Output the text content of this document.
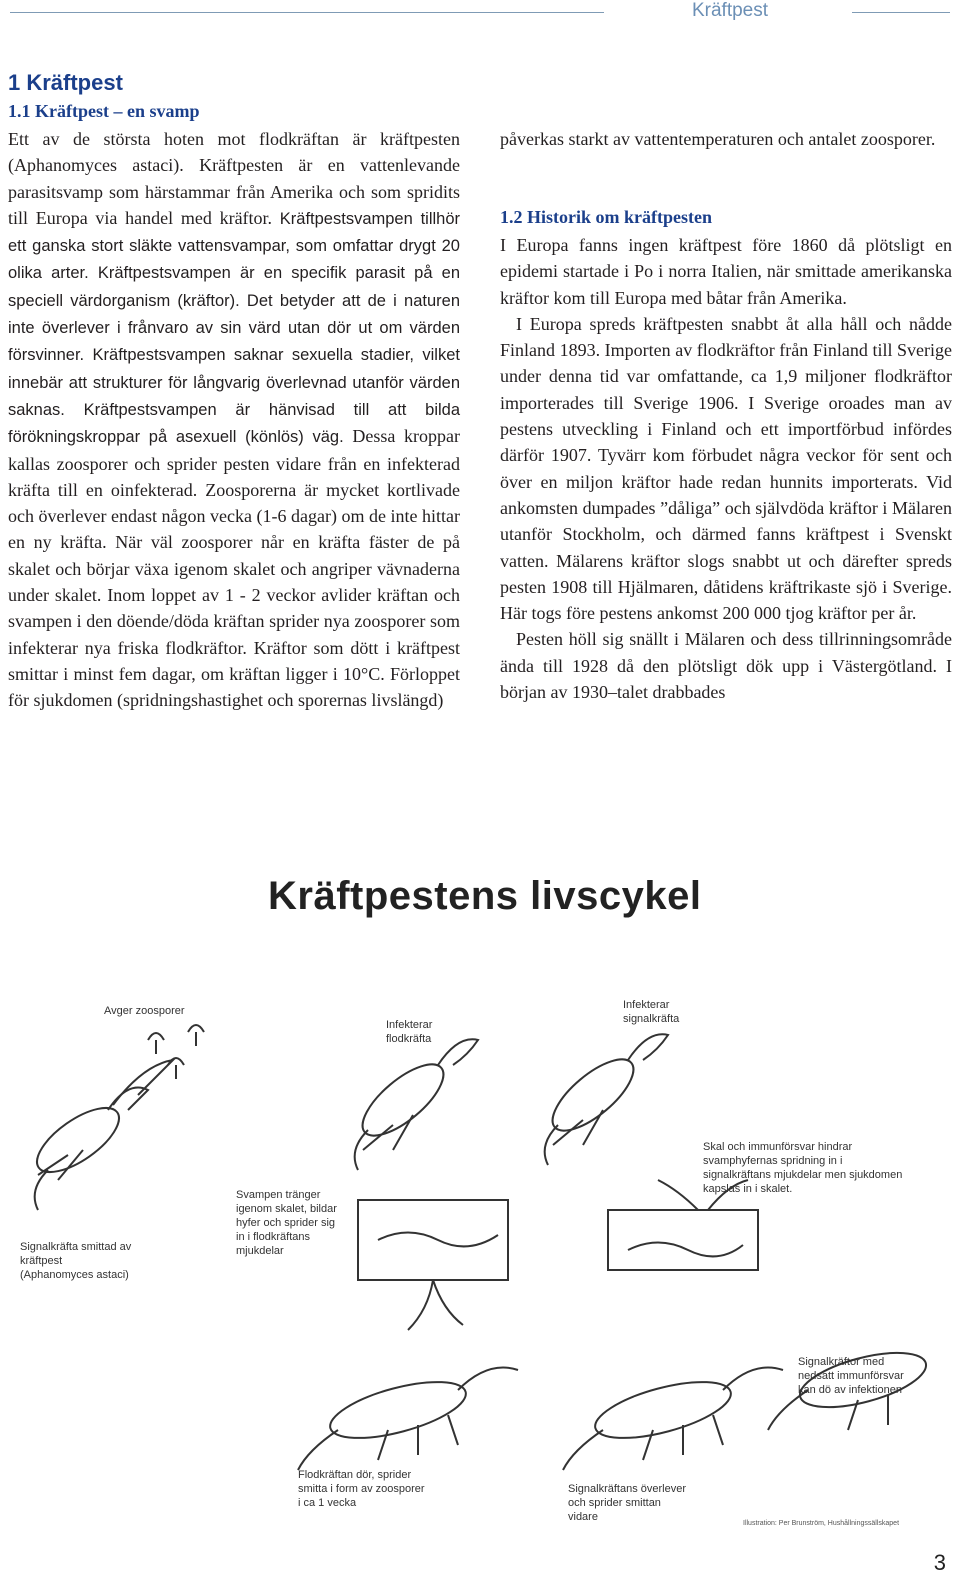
Kräftpest
1 Kräftpest
1.1 Kräftpest – en svamp

Ett av de största hoten mot flodkräftan är kräftpesten (Aphanomyces astaci). Kräftpesten är en vattenlevande parasitsvamp som härstammar från Amerika och som spridits till Europa via handel med kräftor. Kräftpestsvampen tillhör ett ganska stort släkte vattensvampar, som omfattar drygt 20 olika arter. Kräftpestsvampen är en specifik parasit på en speciell värdorganism (kräftor). Det betyder att de i naturen inte överlever i frånvaro av sin värd utan dör ut om värden försvinner. Kräftpestsvampen saknar sexuella stadier, vilket innebär att strukturer för långvarig överlevnad utanför värden saknas. Kräftpestsvampen är hänvisad till att bilda förökningskroppar på asexuell (könlös) väg. Dessa kroppar kallas zoosporer och sprider pesten vidare från en infekterad kräfta till en oinfekterad. Zoosporerna är mycket kortlivade och överlever endast någon vecka (1-6 dagar) om de inte hittar en ny kräfta. När väl zoosporer når en kräfta fäster de på skalet och börjar växa igenom skalet och angriper vävnaderna under skalet. Inom loppet av 1 - 2 veckor avlider kräftan och svampen i den döende/döda kräftan sprider nya zoosporer som infekterar nya friska flodkräftor. Kräftor som dött i kräftpest smittar i minst fem dagar, om kräftan ligger i 10°C. Förloppet för sjukdomen (spridningshastighet och sporernas livslängd)

påverkas starkt av vattentemperaturen och antalet zoosporer.

1.2 Historik om kräftpesten

I Europa fanns ingen kräftpest före 1860 då plötsligt en epidemi startade i Po i norra Italien, när smittade amerikanska kräftor kom till Europa med båtar från Amerika.
I Europa spreds kräftpesten snabbt åt alla håll och nådde Finland 1893. Importen av flodkräftor från Finland till Sverige under denna tid var omfattande, ca 1,9 miljoner flodkräftor importerades till Sverige 1906. I Sverige oroades man av pestens utveckling i Finland och ett importförbud infördes därför 1907. Tyvärr kom förbudet några veckor för sent och över en miljon kräftor hade redan hunnits importerats. Vid ankomsten dumpades ”dåliga” och självdöda kräftor i Mälaren utanför Stockholm, och därmed fanns kräftpest i Svenskt vatten. Mälarens kräftor slogs snabbt ut och därefter spreds pesten 1908 till Hjälmaren, dåtidens kräftrikaste sjö i Sverige. Här togs före pestens ankomst 200 000 tjog kräftor per år.
Pesten höll sig snällt i Mälaren och dess tillrinningsområde ända till 1928 då den plötsligt dök upp i Västergötland. I början av 1930–talet drabbades

Kräftpestens livscykel
Avger zoosporer
Infekterar flodkräfta
Infekterar signalkräfta
Svampen tränger igenom skalet, bildar hyfer och sprider sig in i flodkräftans mjukdelar
Skal och immunförsvar hindrar svamphyfernas spridning in i signalkräftans mjukdelar men sjukdomen kapslas in i skalet.
Signalkräfta smittad av kräftpest (Aphanomyces astaci)
Flodkräftan dör, sprider smitta i form av zoosporer i ca 1 vecka
Signalkräftans överlever och sprider smittan vidare
Signalkräftor med nedsatt immunförsvar kan dö av infektionen
Illustration: Per Brunström, Hushållningssällskapet
3
